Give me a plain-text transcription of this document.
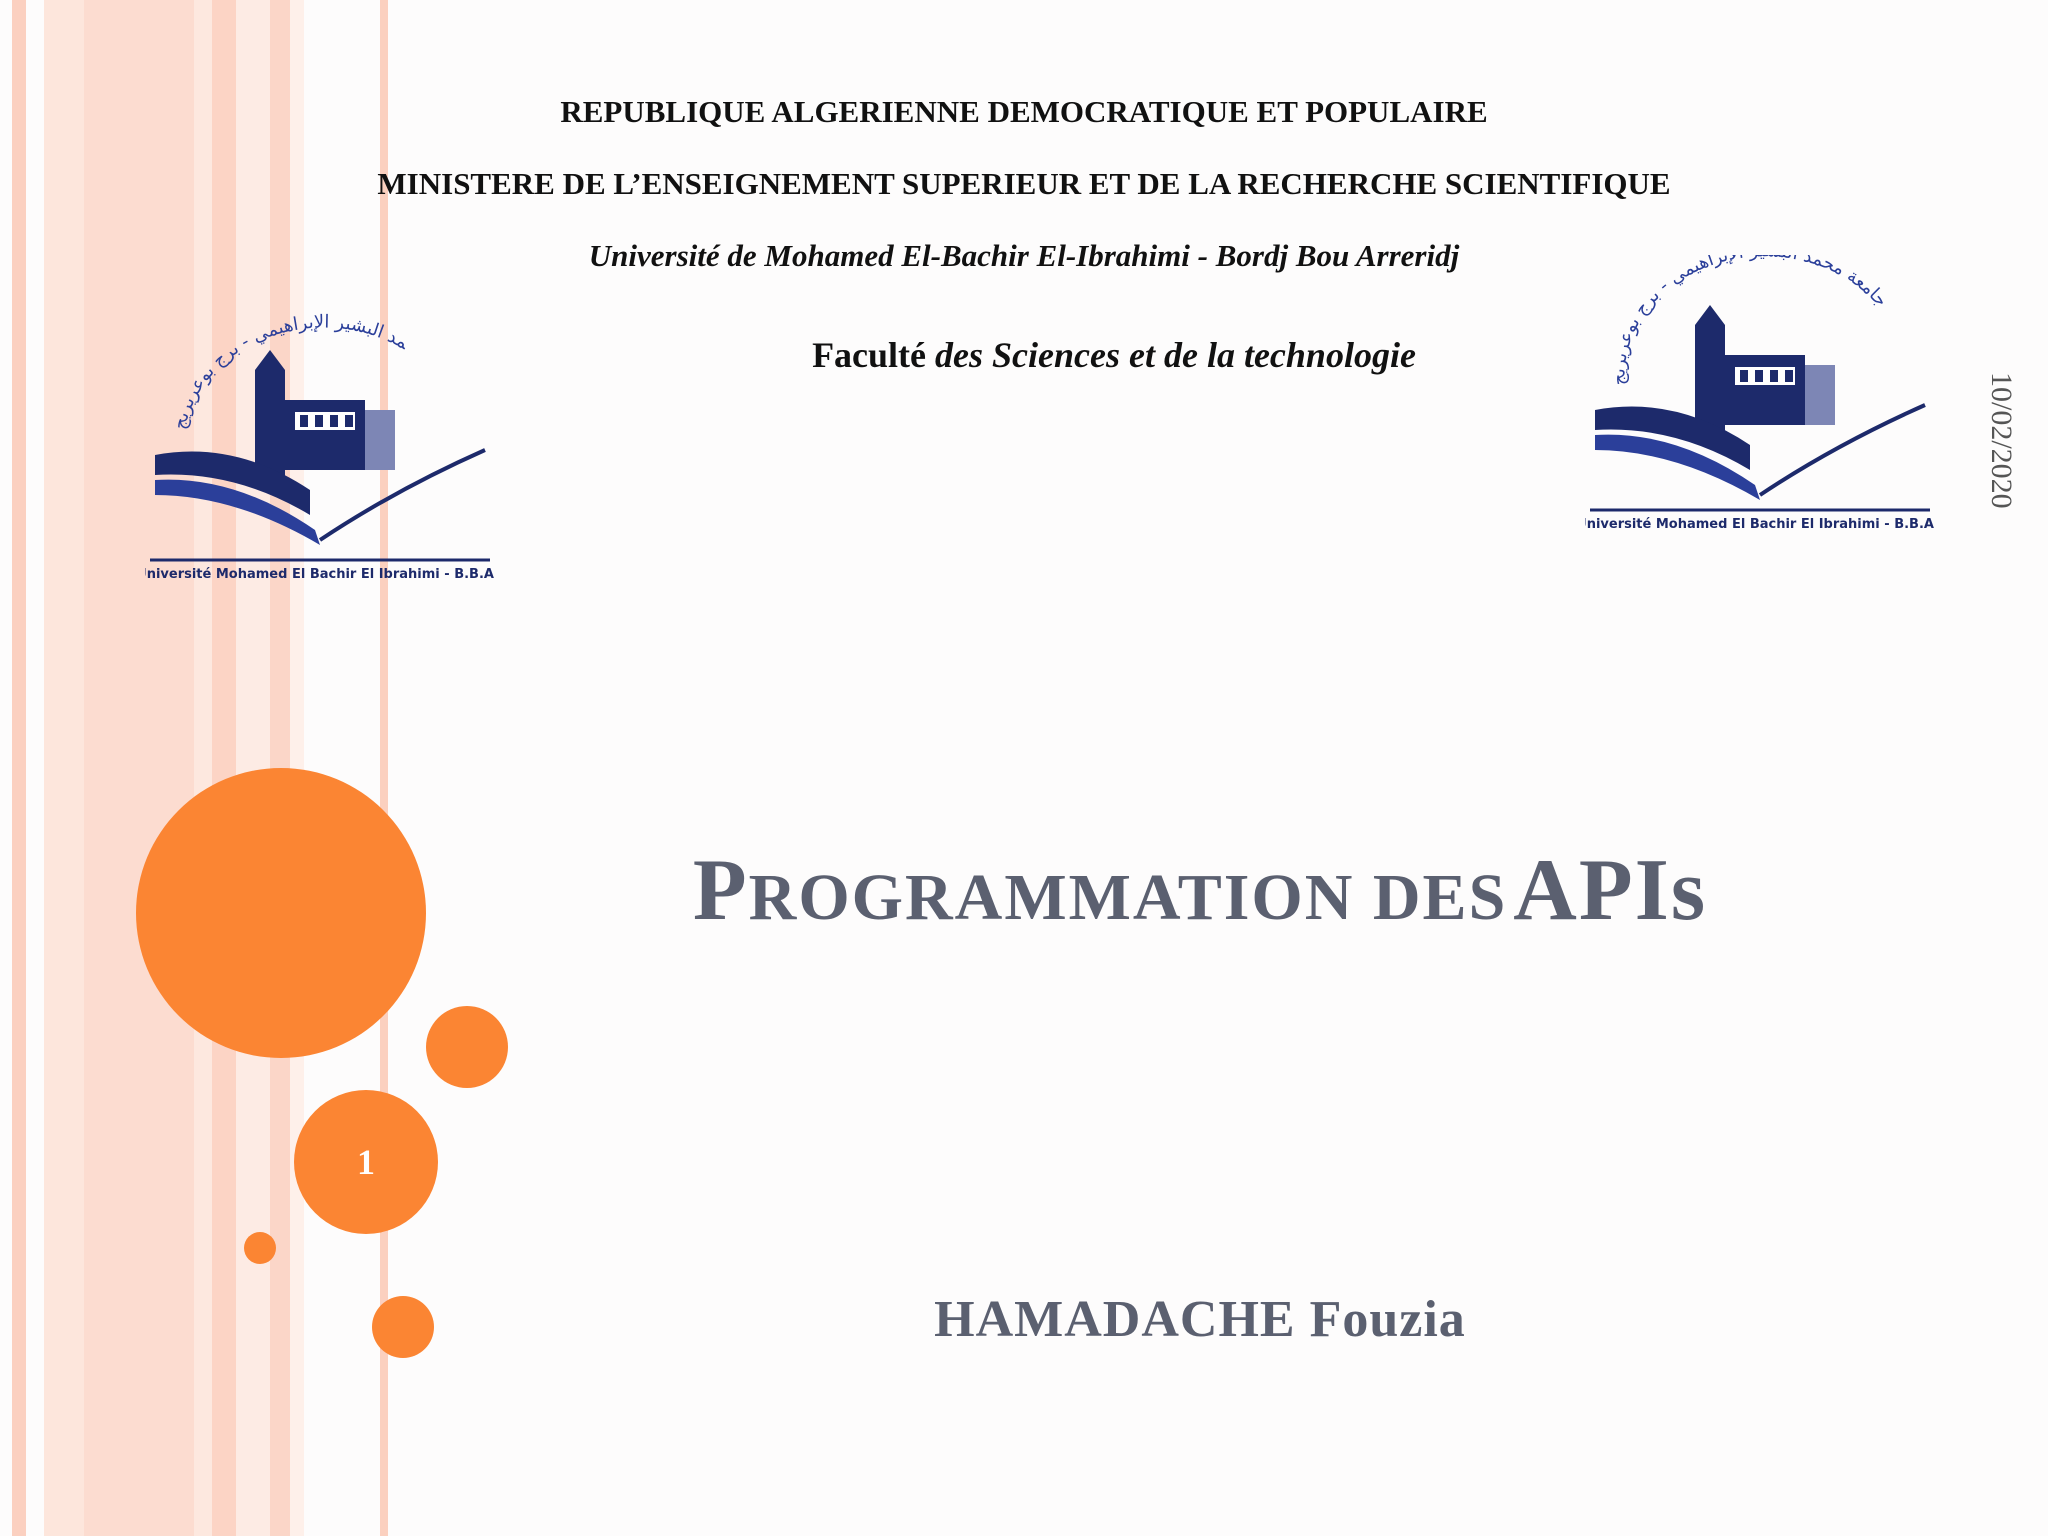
REPUBLIQUE ALGERIENNE DEMOCRATIQUE ET POPULAIRE
MINISTERE DE L’ENSEIGNEMENT SUPERIEUR ET DE LA RECHERCHE SCIENTIFIQUE
Université de Mohamed El-Bachir El-Ibrahimi - Bordj Bou Arreridj
Faculté des Sciences et de la technologie
مد البشير الإبراهيمي - برج بوعريريج
Université Mohamed El Bachir El Ibrahimi - B.B.A -
جامعة محمد الإبراهيمي - برج بوعريريج
Université Mohamed El Bachir El Ibrahimi - B.B.A -
10/02/2020
1
PROGRAMMATION DES APIs
HAMADACHE Fouzia
